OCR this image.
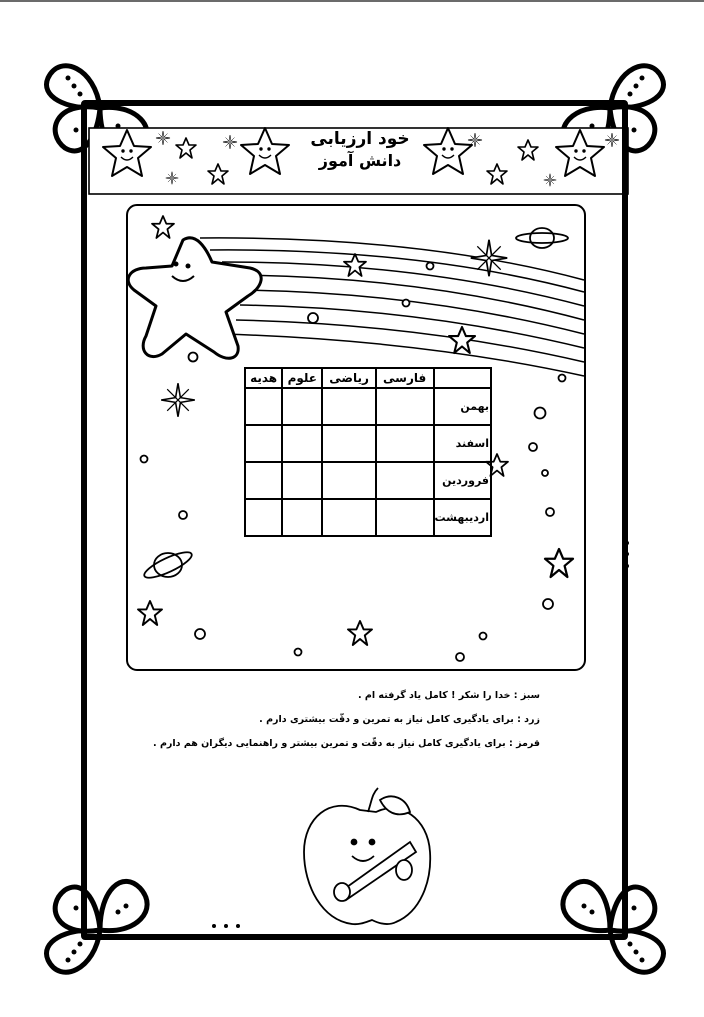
خود ارزیابی
دانش آموز
	فارسی	ریاضی	علوم	هدیه
بهمن				
اسفند				
فروردین				
اردیبهشت				
سبز : خدا را شکر ! کامل یاد گرفته ام .
زرد : برای یادگیری کامل نیاز به تمرین و دقّت بیشتری دارم .
قرمز : برای یادگیری کامل نیاز به دقّت و تمرین بیشتر و راهنمایی دیگران هم دارم .
